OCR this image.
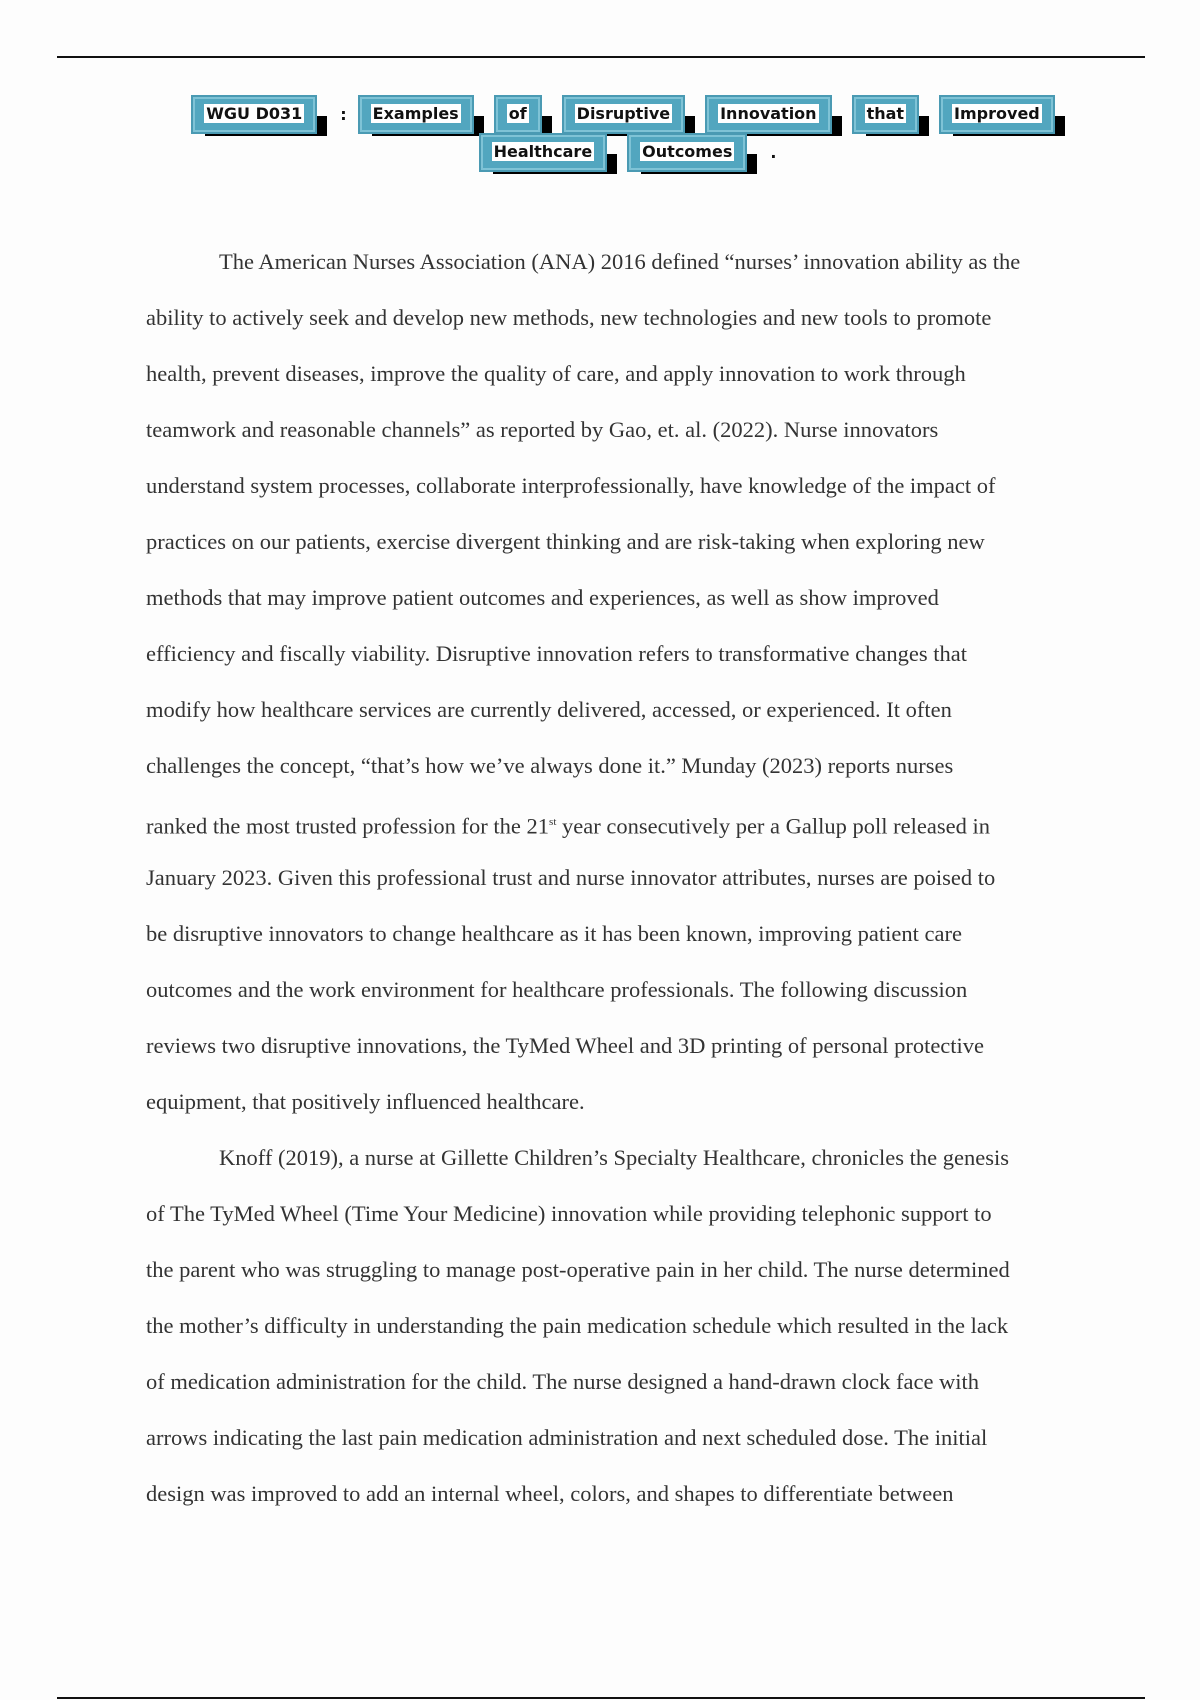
WGU D031	:	Examples	of	Disruptive	Innovation	that	Improved
Healthcare	Outcomes	.
The American Nurses Association (ANA) 2016 defined “nurses’ innovation ability as the
ability to actively seek and develop new methods, new technologies and new tools to promote
health, prevent diseases, improve the quality of care, and apply innovation to work through
teamwork and reasonable channels” as reported by Gao, et. al. (2022). Nurse innovators
understand system processes, collaborate interprofessionally, have knowledge of the impact of
practices on our patients, exercise divergent thinking and are risk-taking when exploring new
methods that may improve patient outcomes and experiences, as well as show improved
efficiency and fiscally viability. Disruptive innovation refers to transformative changes that
modify how healthcare services are currently delivered, accessed, or experienced. It often
challenges the concept, “that’s how we’ve always done it.” Munday (2023) reports nurses
ranked the most trusted profession for the 21st year consecutively per a Gallup poll released in
January 2023. Given this professional trust and nurse innovator attributes, nurses are poised to
be disruptive innovators to change healthcare as it has been known, improving patient care
outcomes and the work environment for healthcare professionals. The following discussion
reviews two disruptive innovations, the TyMed Wheel and 3D printing of personal protective
equipment, that positively influenced healthcare.
Knoff (2019), a nurse at Gillette Children’s Specialty Healthcare, chronicles the genesis
of The TyMed Wheel (Time Your Medicine) innovation while providing telephonic support to
the parent who was struggling to manage post-operative pain in her child. The nurse determined
the mother’s difficulty in understanding the pain medication schedule which resulted in the lack
of medication administration for the child. The nurse designed a hand-drawn clock face with
arrows indicating the last pain medication administration and next scheduled dose. The initial
design was improved to add an internal wheel, colors, and shapes to differentiate between
